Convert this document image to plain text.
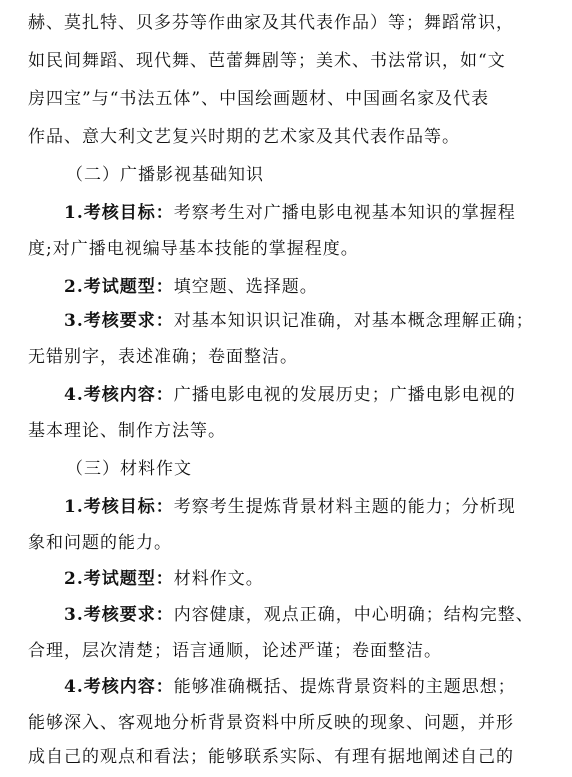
赫、莫扎特、贝多芬等作曲家及其代表作品）等；舞蹈常识，
如民间舞蹈、现代舞、芭蕾舞剧等；美术、书法常识，如“文
房四宝”与“书法五体”、中国绘画题材、中国画名家及代表
作品、意大利文艺复兴时期的艺术家及其代表作品等。
（二）广播影视基础知识
1.考核目标：考察考生对广播电影电视基本知识的掌握程
度;对广播电视编导基本技能的掌握程度。
2.考试题型：填空题、选择题。
3.考核要求：对基本知识识记准确，对基本概念理解正确；
无错别字，表述准确；卷面整洁。
4.考核内容：广播电影电视的发展历史；广播电影电视的
基本理论、制作方法等。
（三）材料作文
1.考核目标：考察考生提炼背景材料主题的能力；分析现
象和问题的能力。
2.考试题型：材料作文。
3.考核要求：内容健康，观点正确，中心明确；结构完整、
合理，层次清楚；语言通顺，论述严谨；卷面整洁。
4.考核内容：能够准确概括、提炼背景资料的主题思想；
能够深入、客观地分析背景资料中所反映的现象、问题，并形
成自己的观点和看法；能够联系实际、有理有据地阐述自己的
